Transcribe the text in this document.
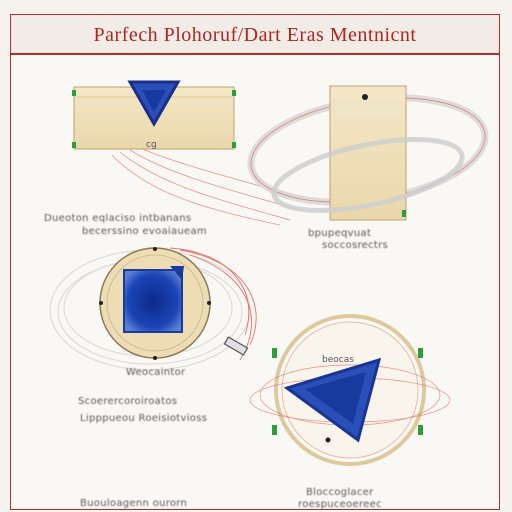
Parfech Plohoruf/Dart Eras Mentnicnt
cg
beocas
Dueoton eqlaciso intbanans
becerssino evoaiaueam	bpupeqvuat
soccosrectrs
Weocaintor
Scoerercoroiroatos
Lipppueou Roeisiotvioss
Bloccoglacer
roespuceoereec
Buouloagenn ourorn
